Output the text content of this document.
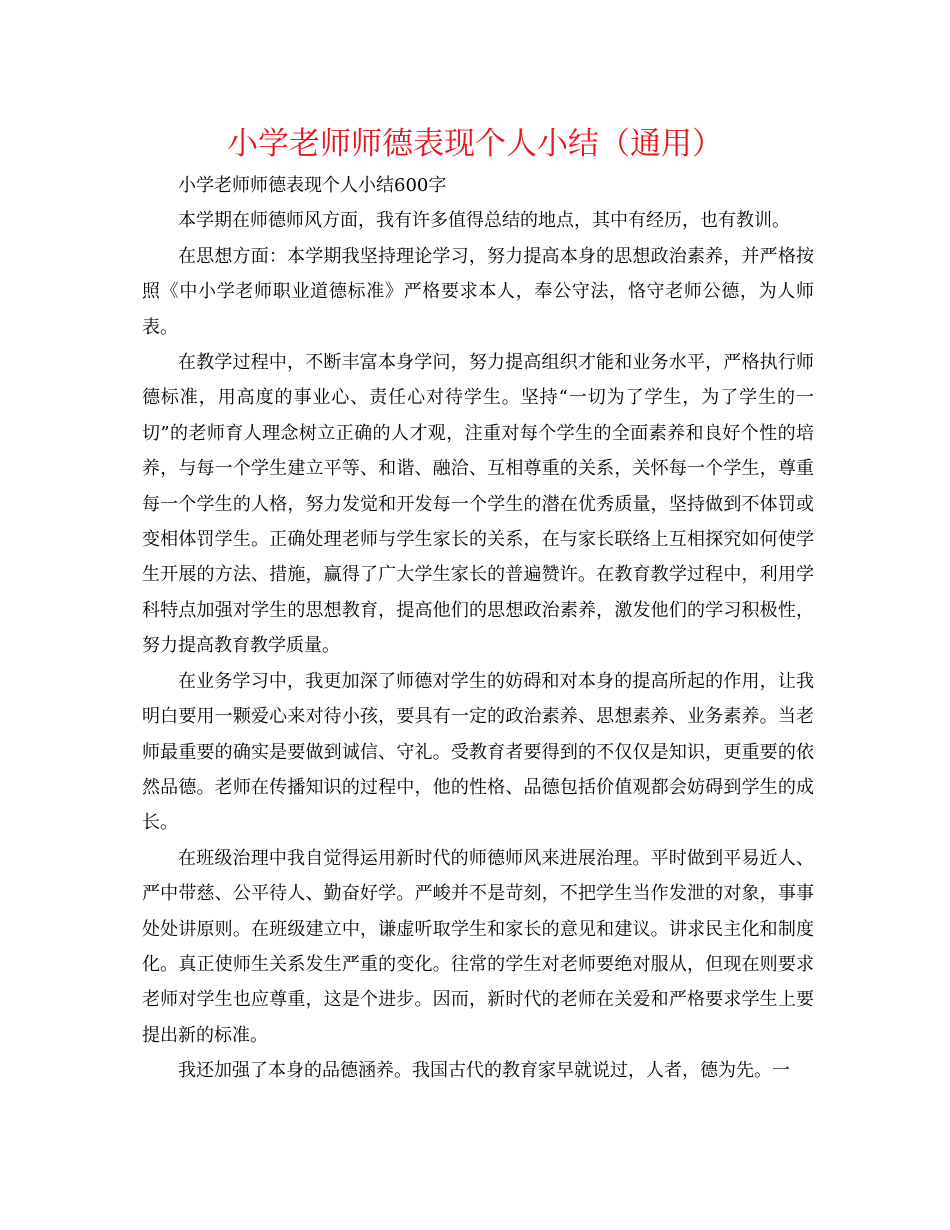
小学老师师德表现个人小结（通用）

小学老师师德表现个人小结600字

本学期在师德师风方面，我有许多值得总结的地点，其中有经历，也有教训。

在思想方面：本学期我坚持理论学习，努力提高本身的思想政治素养，并严格按照《中小学老师职业道德标准》严格要求本人，奉公守法，恪守老师公德，为人师表。

在教学过程中，不断丰富本身学问，努力提高组织才能和业务水平，严格执行师德标准，用高度的事业心、责任心对待学生。坚持“一切为了学生，为了学生的一切”的老师育人理念树立正确的人才观，注重对每个学生的全面素养和良好个性的培养，与每一个学生建立平等、和谐、融洽、互相尊重的关系，关怀每一个学生，尊重每一个学生的人格，努力发觉和开发每一个学生的潜在优秀质量，坚持做到不体罚或变相体罚学生。正确处理老师与学生家长的关系，在与家长联络上互相探究如何使学生开展的方法、措施，赢得了广大学生家长的普遍赞许。在教育教学过程中，利用学科特点加强对学生的思想教育，提高他们的思想政治素养，激发他们的学习积极性，努力提高教育教学质量。

在业务学习中，我更加深了师德对学生的妨碍和对本身的提高所起的作用，让我明白要用一颗爱心来对待小孩，要具有一定的政治素养、思想素养、业务素养。当老师最重要的确实是要做到诚信、守礼。受教育者要得到的不仅仅是知识，更重要的依然品德。老师在传播知识的过程中，他的性格、品德包括价值观都会妨碍到学生的成长。

在班级治理中我自觉得运用新时代的师德师风来进展治理。平时做到平易近人、严中带慈、公平待人、勤奋好学。严峻并不是苛刻，不把学生当作发泄的对象，事事处处讲原则。在班级建立中，谦虚听取学生和家长的意见和建议。讲求民主化和制度化。真正使师生关系发生严重的变化。往常的学生对老师要绝对服从，但现在则要求老师对学生也应尊重，这是个进步。因而，新时代的老师在关爱和严格要求学生上要提出新的标准。

我还加强了本身的品德涵养。我国古代的教育家早就说过，人者，德为先。一
